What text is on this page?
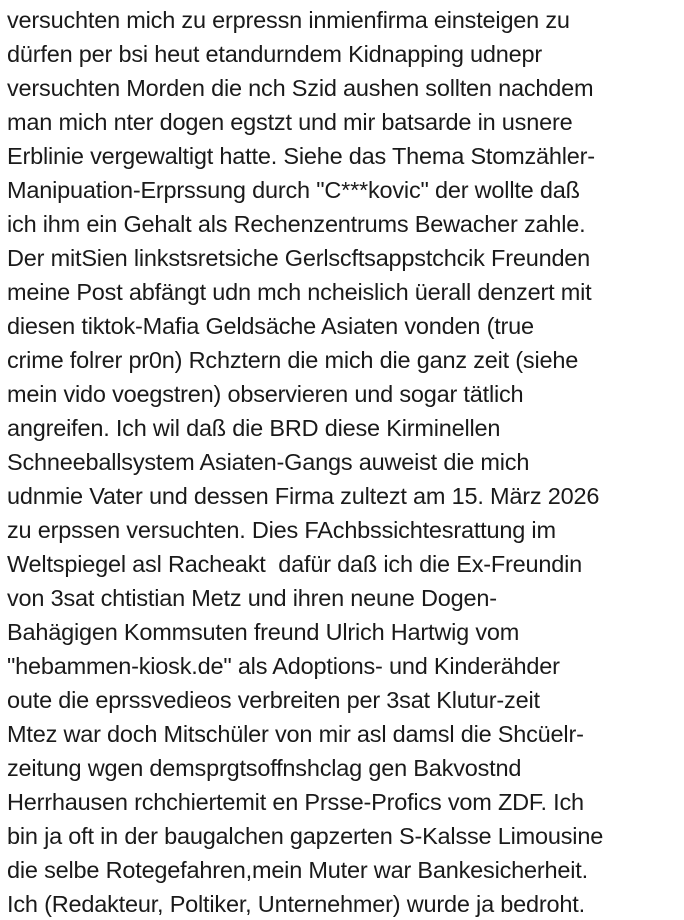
versuchten mich zu erpressn inmienfirma einsteigen zu
dürfen per bsi heut etandurndem Kidnapping udnepr
versuchten Morden die nch Szid aushen sollten nachdem
man mich nter dogen egstzt und mir batsarde in usnere
Erblinie vergewaltigt hatte. Siehe das Thema Stomzähler-
Manipuation-Erprssung durch "C***kovic" der wollte daß
ich ihm ein Gehalt als Rechenzentrums Bewacher zahle.
Der mitSien linkstsretsiche Gerlscftsappstchcik Freunden
meine Post abfängt udn mch ncheislich üerall denzert mit
diesen tiktok-Mafia Geldsäche Asiaten vonden (true
crime folrer pr0n) Rchztern die mich die ganz zeit (siehe
mein vido voegstren) observieren und sogar tätlich
angreifen. Ich wil daß die BRD diese Kirminellen
Schneeballsystem Asiaten-Gangs auweist die mich
udnmie Vater und dessen Firma zultezt am 15. März 2026
zu erpssen versuchten. Dies FAchbssichtesrattung im
Weltspiegel asl Racheakt  dafür daß ich die Ex-Freundin
von 3sat chtistian Metz und ihren neune Dogen-
Bahägigen Kommsuten freund Ulrich Hartwig vom
"hebammen-kiosk.de" als Adoptions- und Kinderähder
oute die eprssvedieos verbreiten per 3sat Klutur-zeit
Mtez war doch Mitschüler von mir asl damsl die Shcüelr-
zeitung wgen demsprgtsoffnshclag gen Bakvostnd
Herrhausen rchchiertemit en Prsse-Profics vom ZDF. Ich
bin ja oft in der baugalchen gapzerten S-Kalsse Limousine
die selbe Rotegefahren,mein Muter war Bankesicherheit.
Ich (Redakteur, Poltiker, Unternehmer) wurde ja bedroht.
